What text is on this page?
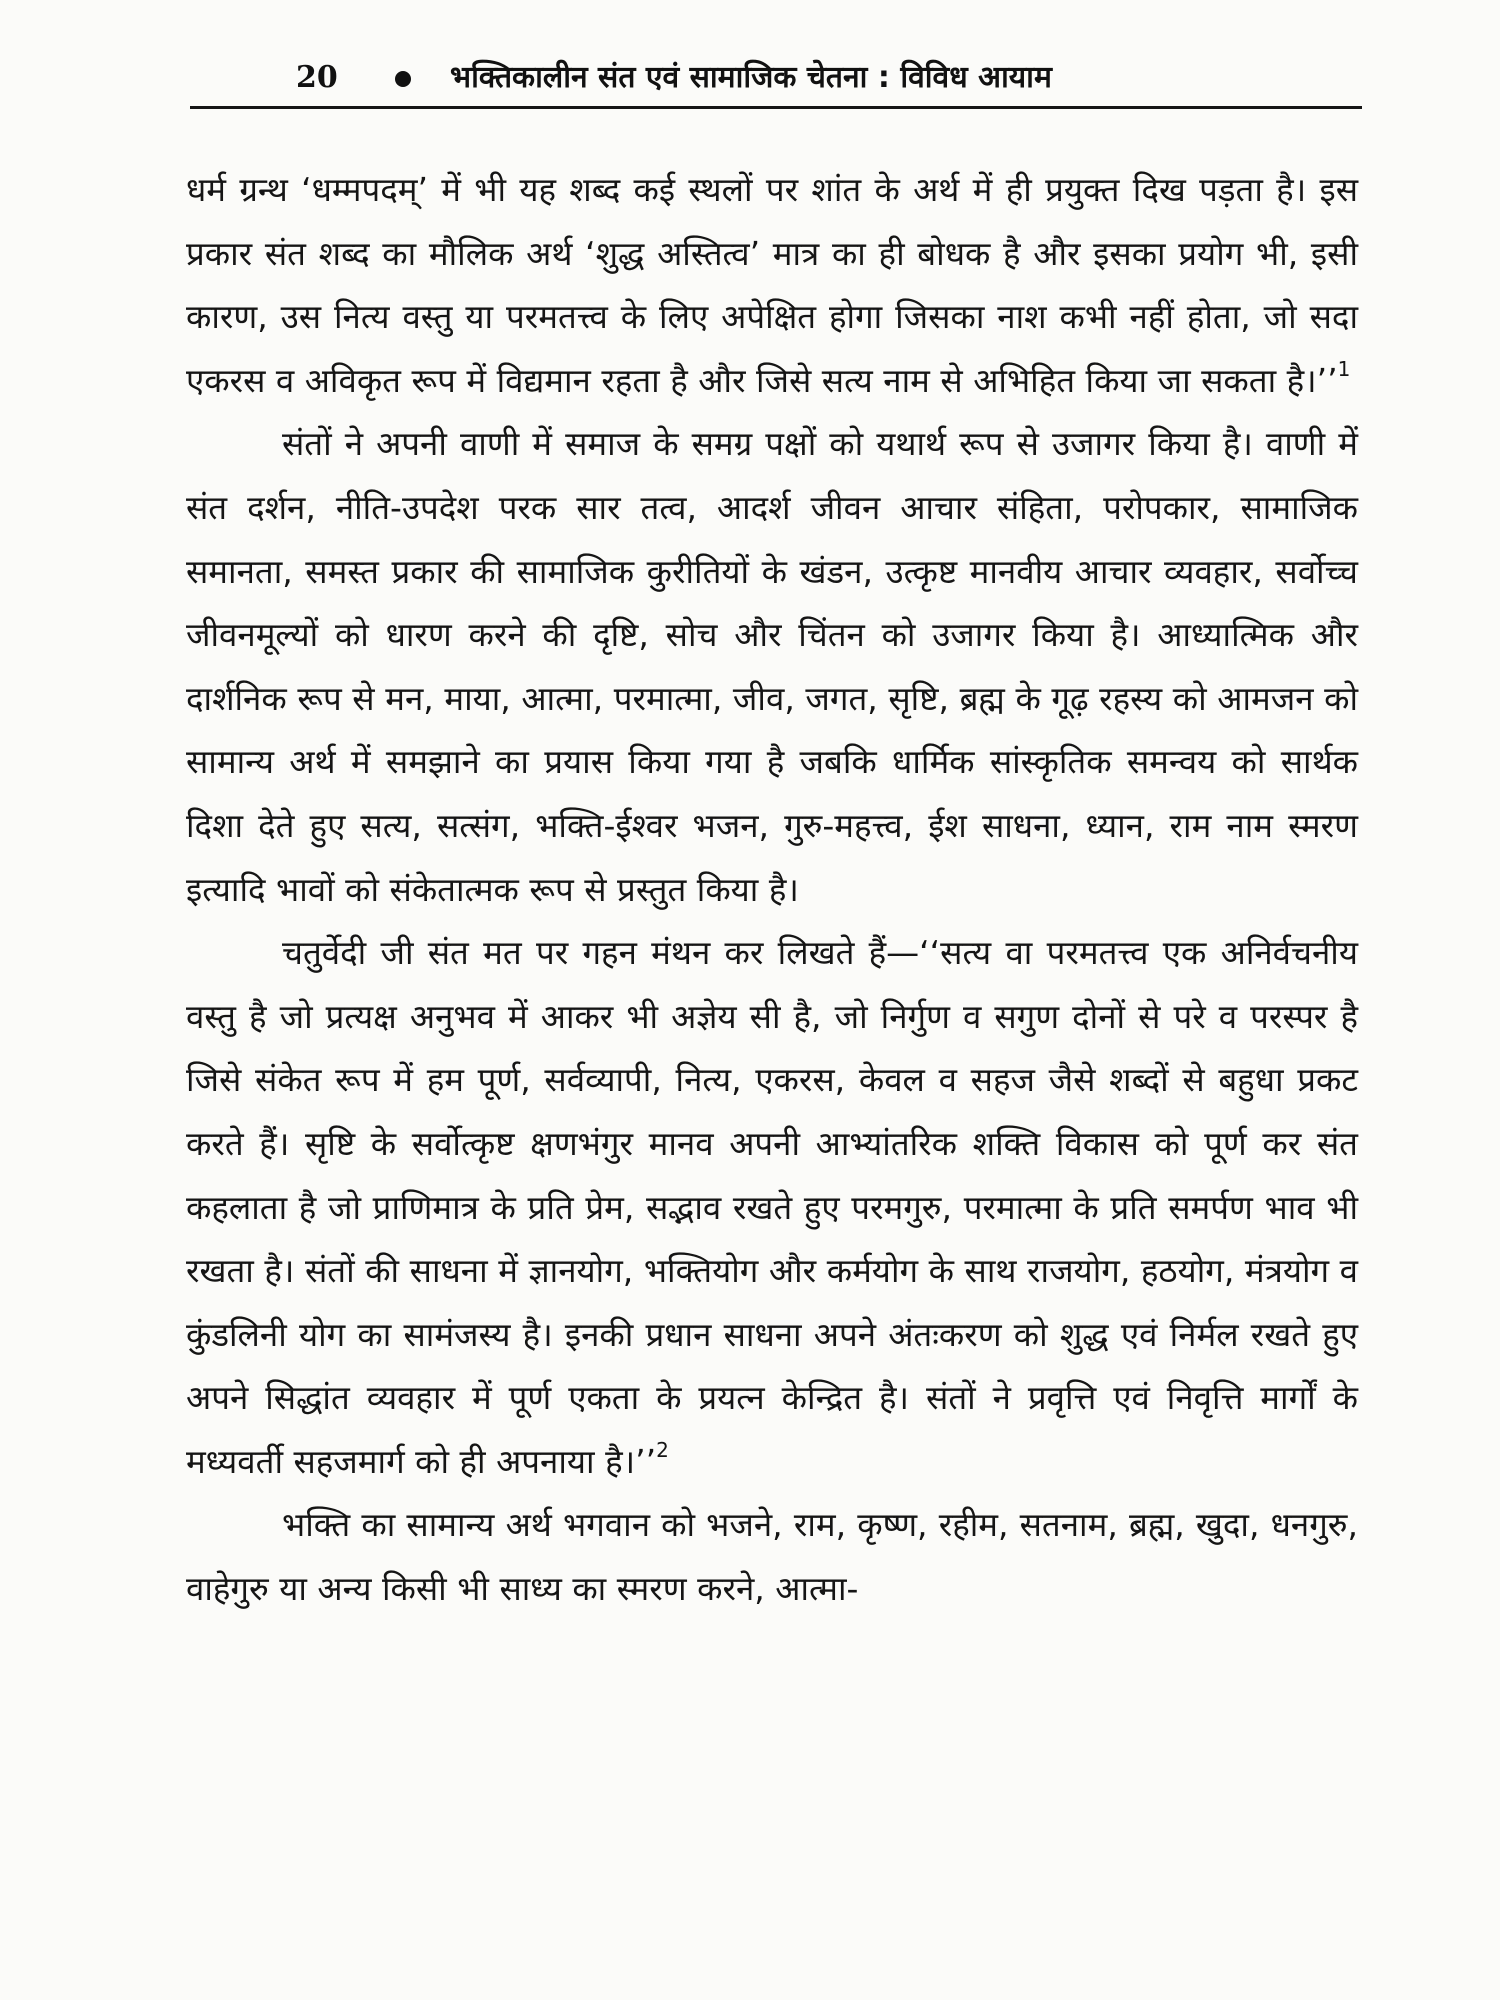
20	भक्तिकालीन संत एवं सामाजिक चेतना : विविध आयाम

धर्म ग्रन्थ ‘धम्मपदम्’ में भी यह शब्द कई स्थलों पर शांत के अर्थ में ही प्रयुक्त दिख पड़ता है। इस प्रकार संत शब्द का मौलिक अर्थ ‘शुद्ध अस्तित्व’ मात्र का ही बोधक है और इसका प्रयोग भी, इसी कारण, उस नित्य वस्तु या परमतत्त्व के लिए अपेक्षित होगा जिसका नाश कभी नहीं होता, जो सदा एकरस व अविकृत रूप में विद्यमान रहता है और जिसे सत्य नाम से अभिहित किया जा सकता है।’’$^1$

संतों ने अपनी वाणी में समाज के समग्र पक्षों को यथार्थ रूप से उजागर किया है। वाणी में संत दर्शन, नीति-उपदेश परक सार तत्व, आदर्श जीवन आचार संहिता, परोपकार, सामाजिक समानता, समस्त प्रकार की सामाजिक कुरीतियों के खंडन, उत्कृष्ट मानवीय आचार व्यवहार, सर्वोच्च जीवनमूल्यों को धारण करने की दृष्टि, सोच और चिंतन को उजागर किया है। आध्यात्मिक और दार्शनिक रूप से मन, माया, आत्मा, परमात्मा, जीव, जगत, सृष्टि, ब्रह्म के गूढ़ रहस्य को आमजन को सामान्य अर्थ में समझाने का प्रयास किया गया है जबकि धार्मिक सांस्कृतिक समन्वय को सार्थक दिशा देते हुए सत्य, सत्संग, भक्ति-ईश्वर भजन, गुरु-महत्त्व, ईश साधना, ध्यान, राम नाम स्मरण इत्यादि भावों को संकेतात्मक रूप से प्रस्तुत किया है।

चतुर्वेदी जी संत मत पर गहन मंथन कर लिखते हैं—‘‘सत्य वा परमतत्त्व एक अनिर्वचनीय वस्तु है जो प्रत्यक्ष अनुभव में आकर भी अज्ञेय सी है, जो निर्गुण व सगुण दोनों से परे व परस्पर है जिसे संकेत रूप में हम पूर्ण, सर्वव्यापी, नित्य, एकरस, केवल व सहज जैसे शब्दों से बहुधा प्रकट करते हैं। सृष्टि के सर्वोत्कृष्ट क्षणभंगुर मानव अपनी आभ्यांतरिक शक्ति विकास को पूर्ण कर संत कहलाता है जो प्राणिमात्र के प्रति प्रेम, सद्भाव रखते हुए परमगुरु, परमात्मा के प्रति समर्पण भाव भी रखता है। संतों की साधना में ज्ञानयोग, भक्तियोग और कर्मयोग के साथ राजयोग, हठयोग, मंत्रयोग व कुंडलिनी योग का सामंजस्य है। इनकी प्रधान साधना अपने अंतःकरण को शुद्ध एवं निर्मल रखते हुए अपने सिद्धांत व्यवहार में पूर्ण एकता के प्रयत्न केन्द्रित है। संतों ने प्रवृत्ति एवं निवृत्ति मार्गों के मध्यवर्ती सहजमार्ग को ही अपनाया है।’’$^2$

भक्ति का सामान्य अर्थ भगवान को भजने, राम, कृष्ण, रहीम, सतनाम, ब्रह्म, खुदा, धनगुरु, वाहेगुरु या अन्य किसी भी साध्य का स्मरण करने, आत्मा-
